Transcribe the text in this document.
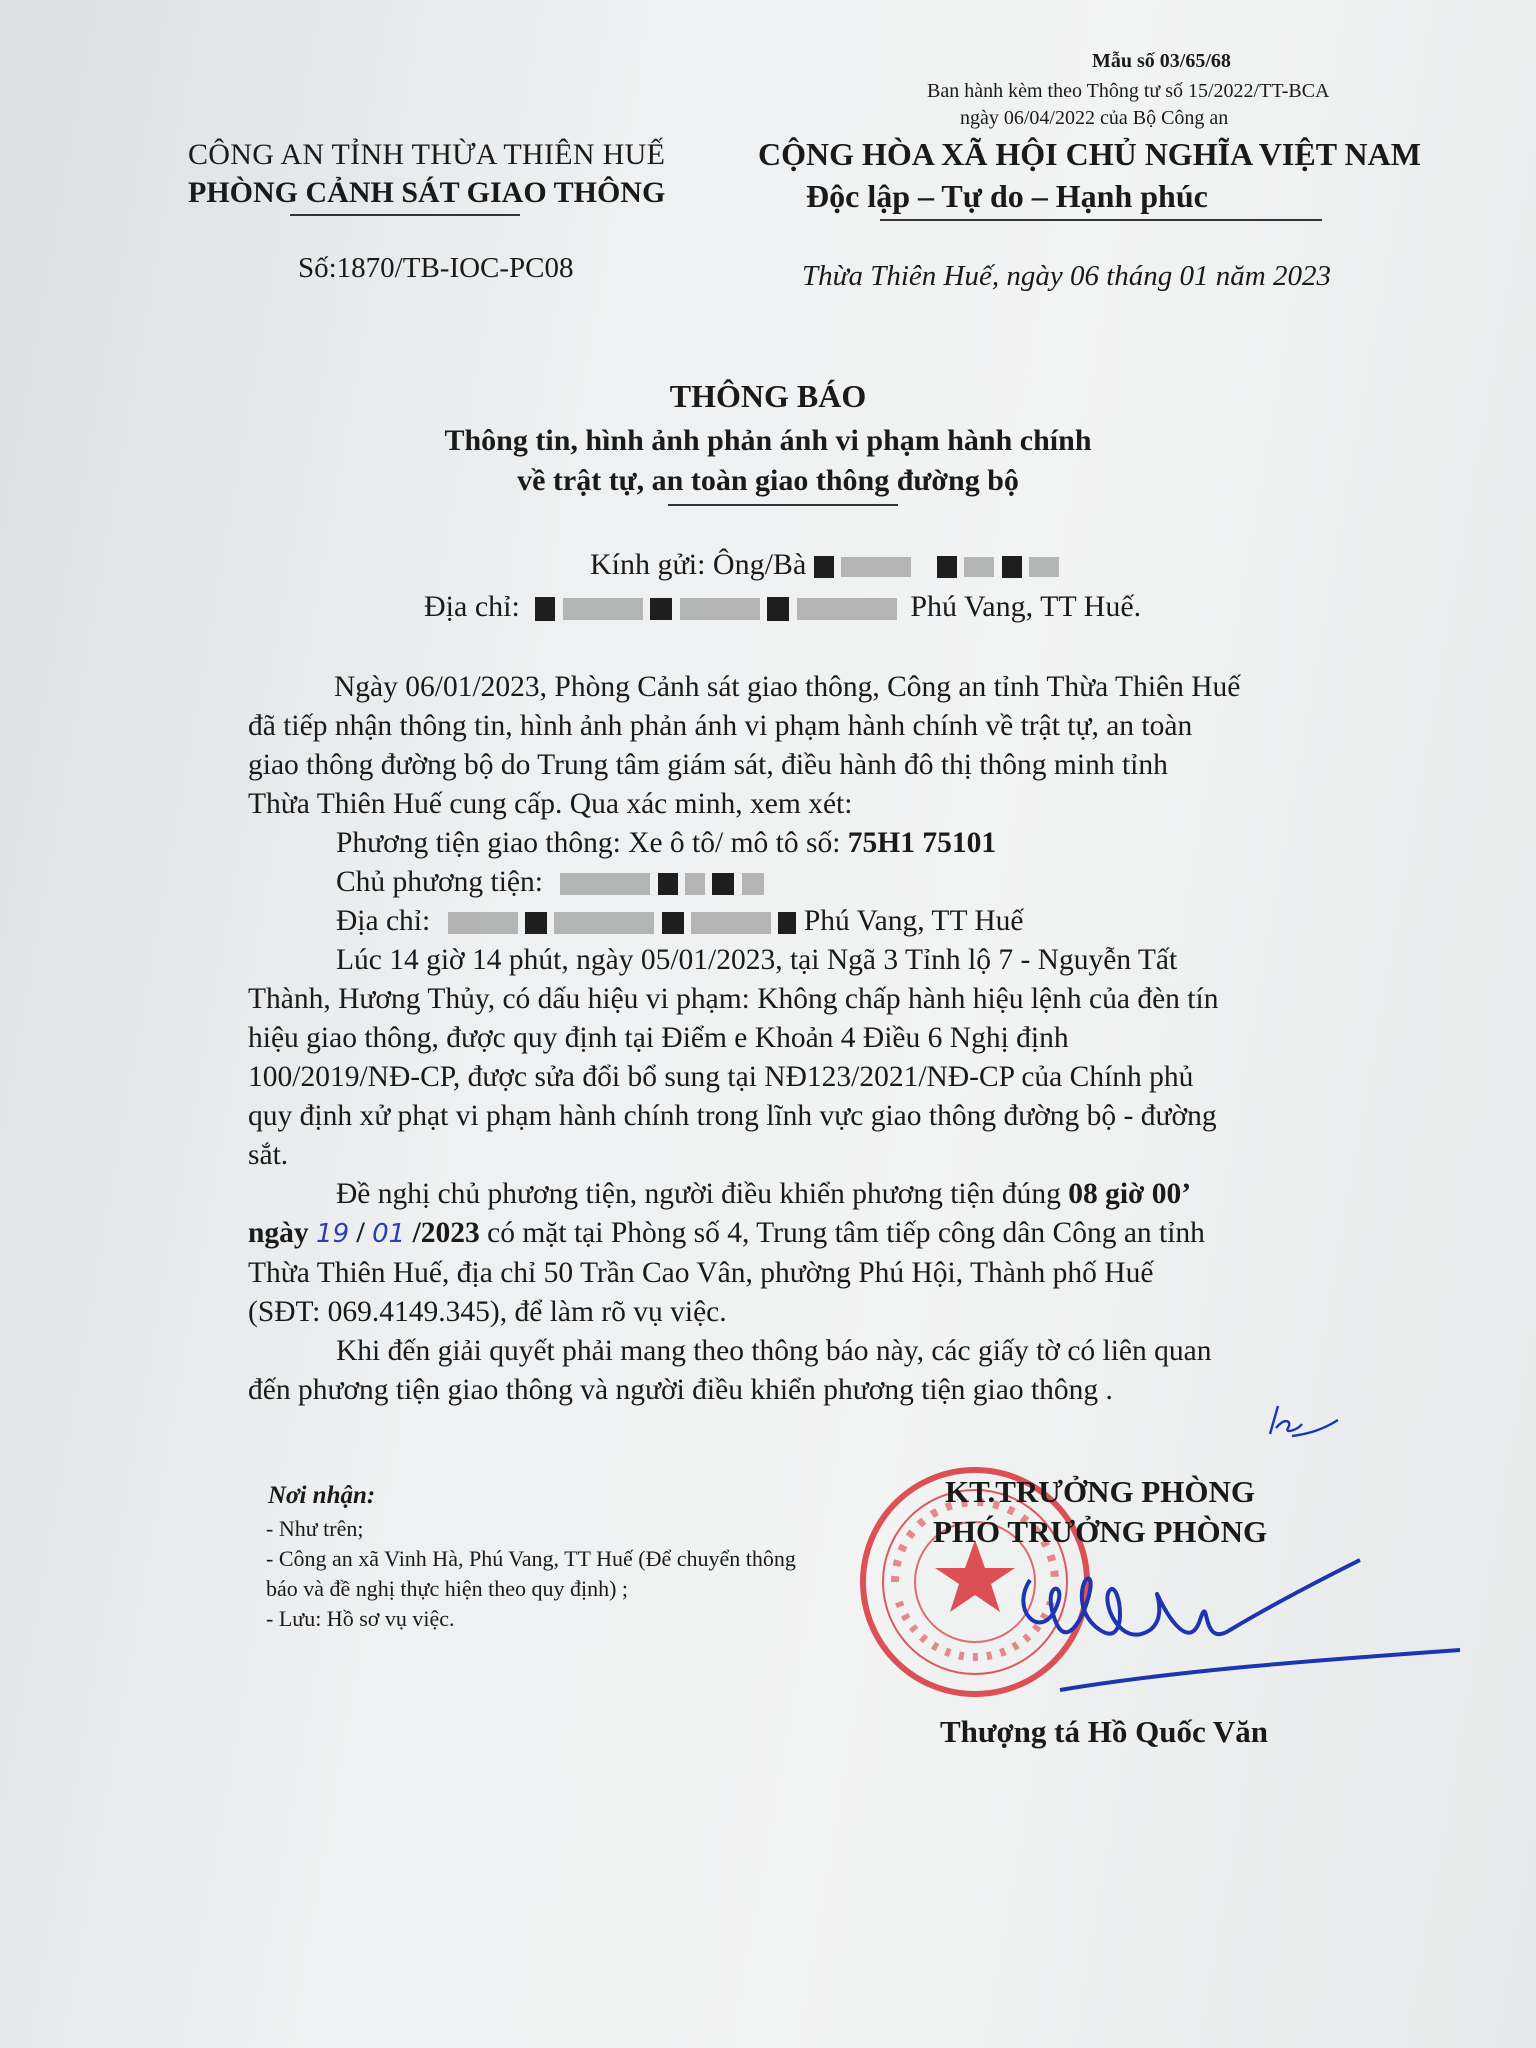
Mẫu số 03/65/68
Ban hành kèm theo Thông tư số 15/2022/TT-BCA
ngày 06/04/2022 của Bộ Công an
CÔNG AN TỈNH THỪA THIÊN HUẾ
PHÒNG CẢNH SÁT GIAO THÔNG
Số:1870/TB-IOC-PC08
CỘNG HÒA XÃ HỘI CHỦ NGHĨA VIỆT NAM
Độc lập – Tự do – Hạnh phúc
Thừa Thiên Huế, ngày 06 tháng 01 năm 2023
THÔNG BÁO
Thông tin, hình ảnh phản ánh vi phạm hành chính
về trật tự, an toàn giao thông đường bộ
Kính gửi: Ông/Bà
Địa chỉ:	Phú Vang, TT Huế.
Ngày 06/01/2023, Phòng Cảnh sát giao thông, Công an tỉnh Thừa Thiên Huế
đã tiếp nhận thông tin, hình ảnh phản ánh vi phạm hành chính về trật tự, an toàn
giao thông đường bộ do Trung tâm giám sát, điều hành đô thị thông minh tỉnh
Thừa Thiên Huế cung cấp. Qua xác minh, xem xét:
Phương tiện giao thông: Xe ô tô/ mô tô số: 75H1 75101
Chủ phương tiện:
Địa chỉ:	Phú Vang, TT Huế
Lúc 14 giờ 14 phút, ngày 05/01/2023, tại Ngã 3 Tỉnh lộ 7 - Nguyễn Tất
Thành, Hương Thủy, có dấu hiệu vi phạm: Không chấp hành hiệu lệnh của đèn tín
hiệu giao thông, được quy định tại Điểm e Khoản 4 Điều 6 Nghị định
100/2019/NĐ-CP, được sửa đổi bổ sung tại NĐ123/2021/NĐ-CP của Chính phủ
quy định xử phạt vi phạm hành chính trong lĩnh vực giao thông đường bộ - đường
sắt.
Đề nghị chủ phương tiện, người điều khiển phương tiện đúng 08 giờ 00’
ngày 19 / 01 /2023 có mặt tại Phòng số 4, Trung tâm tiếp công dân Công an tỉnh
Thừa Thiên Huế, địa chỉ 50 Trần Cao Vân, phường Phú Hội, Thành phố Huế
(SĐT: 069.4149.345), để làm rõ vụ việc.
Khi đến giải quyết phải mang theo thông báo này, các giấy tờ có liên quan
đến phương tiện giao thông và người điều khiển phương tiện giao thông .
Nơi nhận:
- Như trên;
- Công an xã Vinh Hà, Phú Vang, TT Huế (Để chuyển thông báo và đề nghị thực hiện theo quy định) ;
- Lưu: Hồ sơ vụ việc.
KT.TRƯỞNG PHÒNG
PHÓ TRƯỞNG PHÒNG
Thượng tá Hồ Quốc Văn
